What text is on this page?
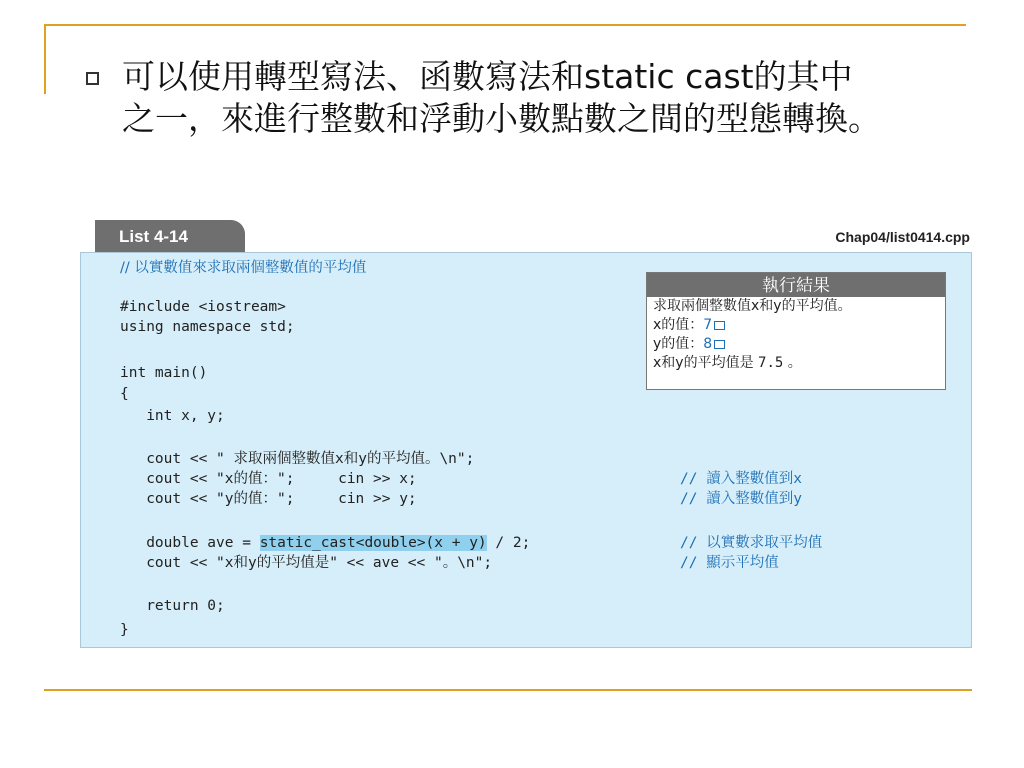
可以使用轉型寫法、函數寫法和static cast的其中
之一，來進行整數和浮動小數點數之間的型態轉換。
List 4-14	Chap04/list0414.cpp
// 以實數值來求取兩個整數值的平均值
#include <iostream>
using namespace std;
int main()
{
int x, y;
cout << " 求取兩個整數值x和y的平均值。\n";
cout << "x的值：";     cin >> x;
cout << "y的值：";     cin >> y;
double ave = static_cast<double>(x + y) / 2;
cout << "x和y的平均值是" << ave << "。\n";
return 0;
}
// 讀入整數值到x
// 讀入整數值到y
// 以實數求取平均值
// 顯示平均值
執行結果
求取兩個整數值x和y的平均值。
x的值：7
y的值：8
x和y的平均值是 7.5 。
